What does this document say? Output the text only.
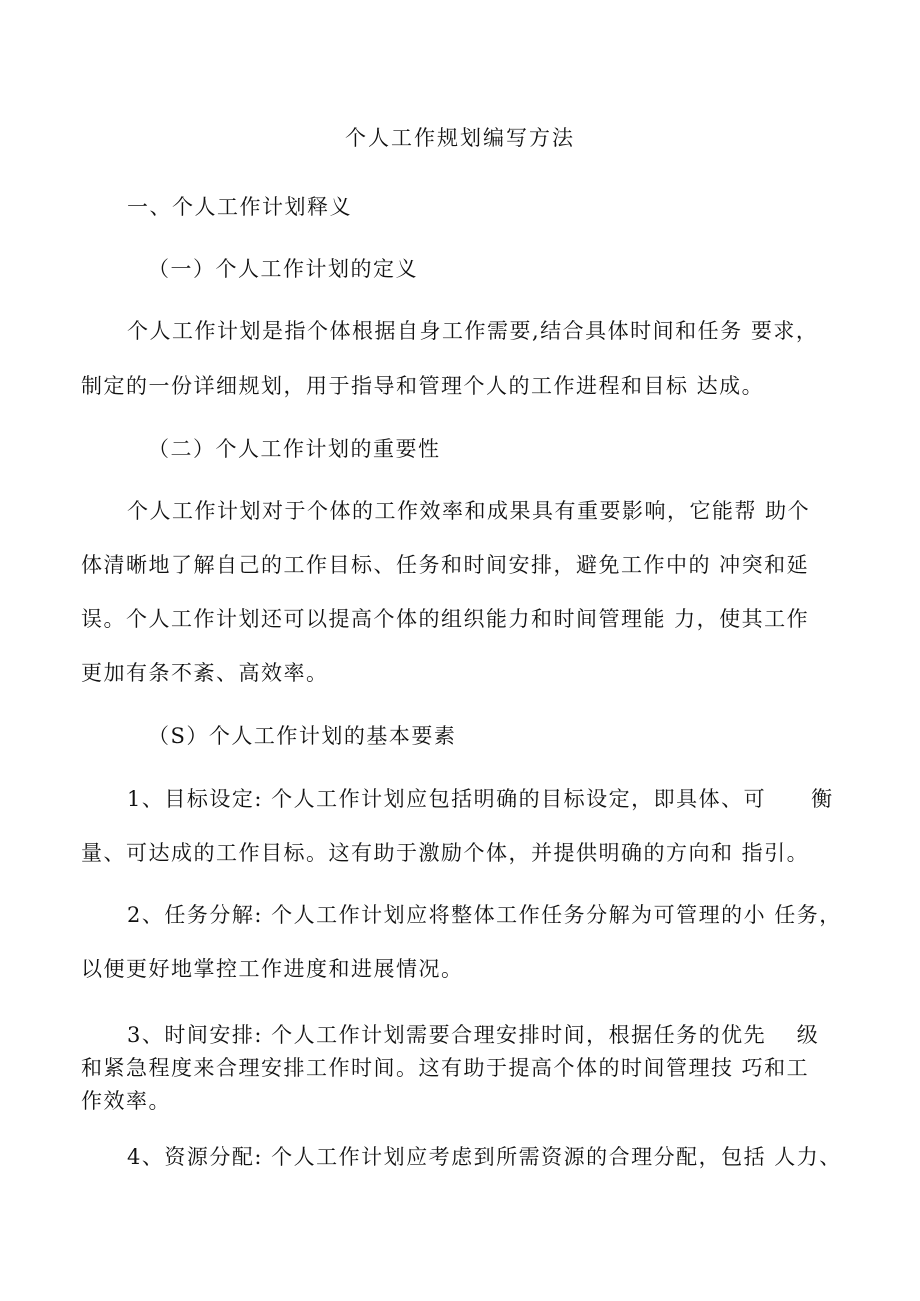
个人工作规划编写方法
一、个人工作计划释义
（一）个人工作计划的定义
个人工作计划是指个体根据自身工作需要,结合具体时间和任务 要求，
制定的一份详细规划，用于指导和管理个人的工作进程和目标 达成。
（二）个人工作计划的重要性
个人工作计划对于个体的工作效率和成果具有重要影响，它能帮 助个
体清晰地了解自己的工作目标、任务和时间安排，避免工作中的 冲突和延
误。个人工作计划还可以提高个体的组织能力和时间管理能 力，使其工作
更加有条不紊、高效率。
（S）个人工作计划的基本要素
1、目标设定: 个人工作计划应包括明确的目标设定，即具体、可　　衡
量、可达成的工作目标。这有助于激励个体，并提供明确的方向和 指引。
2、任务分解: 个人工作计划应将整体工作任务分解为可管理的小 任务，
以便更好地掌控工作进度和进展情况。
3、时间安排: 个人工作计划需要合理安排时间，根据任务的优先　 级
和紧急程度来合理安排工作时间。这有助于提高个体的时间管理技 巧和工
作效率。
4、资源分配: 个人工作计划应考虑到所需资源的合理分配，包括 人力、
